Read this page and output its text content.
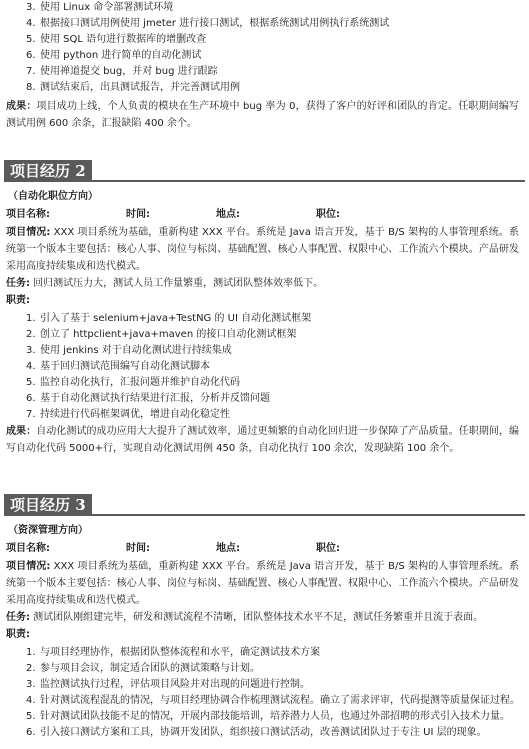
3. 使用 Linux 命令部署测试环境
4. 根据接口测试用例使用 jmeter 进行接口测试，根据系统测试用例执行系统测试
5. 使用 SQL 语句进行数据库的增删改查
6. 使用 python 进行简单的自动化测试
7. 使用禅道提交 bug，并对 bug 进行跟踪
8. 测试结束后，出具测试报告，并完善测试用例
成果：项目成功上线，个人负责的模块在生产环境中 bug 率为 0，获得了客户的好评和团队的肯定。任职期间编写测试用例 600 余条，汇报缺陷 400 余个。
项目经历 2
（自动化职位方向）
项目名称:	时间:	地点:	职位:
项目情况: XXX 项目系统为基础，重新构建 XXX 平台。系统是 Java 语言开发，基于 B/S 架构的人事管理系统。系统第一个版本主要包括：核心人事、岗位与标岗、基础配置、核心人事配置、权限中心、工作流六个模块。产品研发采用高度持续集成和迭代模式。
任务: 回归测试压力大，测试人员工作量繁重，测试团队整体效率低下。
职责:
1. 引入了基于 selenium+java+TestNG 的 UI 自动化测试框架
2. 创立了 httpclient+java+maven 的接口自动化测试框架
3. 使用 jenkins 对于自动化测试进行持续集成
4. 基于回归测试范围编写自动化测试脚本
5. 监控自动化执行，汇报问题并维护自动化代码
6. 基于自动化测试执行结果进行汇报，分析并反馈问题
7. 持续进行代码框架调优，增进自动化稳定性
成果：自动化测试的成功应用大大提升了测试效率，通过更频繁的自动化回归进一步保障了产品质量。任职期间，编写自动化代码 5000+行，实现自动化测试用例 450 条，自动化执行 100 余次，发现缺陷 100 余个。
项目经历 3
（资深管理方向）
项目名称:	时间:	地点:	职位:
项目情况: XXX 项目系统为基础，重新构建 XXX 平台。系统是 Java 语言开发，基于 B/S 架构的人事管理系统。系统第一个版本主要包括：核心人事、岗位与标岗、基础配置、核心人事配置、权限中心、工作流六个模块。产品研发采用高度持续集成和迭代模式。
任务: 测试团队刚组建完毕，研发和测试流程不清晰，团队整体技术水平不足，测试任务繁重并且流于表面。
职责:
1. 与项目经理协作，根据团队整体流程和水平，确定测试技术方案
2. 参与项目会议，制定适合团队的测试策略与计划。
3. 监控测试执行过程，评估项目风险并对出现的问题进行控制。
4. 针对测试流程混乱的情况，与项目经理协调合作梳理测试流程。确立了需求评审，代码提测等质量保证过程。
5. 针对测试团队技能不足的情况，开展内部技能培训，培养潜力人员，也通过外部招聘的形式引入技术力量。
6. 引入接口测试方案和工具，协调开发团队，组织接口测试活动，改善测试团队过于专注 UI 层的现象。
